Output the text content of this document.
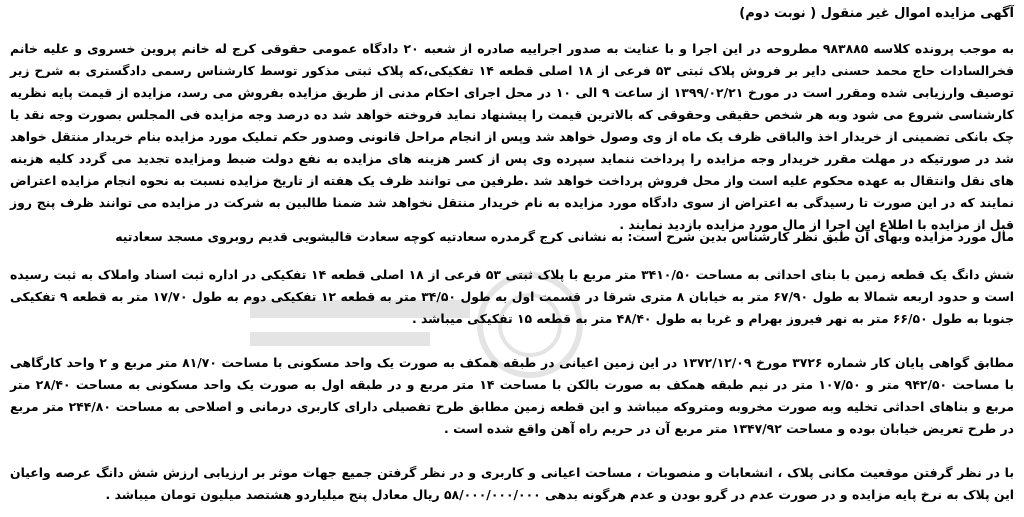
آگهی مزایده اموال غیر منقول ( نوبت دوم)
به موجب پرونده کلاسه ۹۸۳۸۸۵ مطروحه در این اجرا و با عنایت به صدور اجراییه صادره از شعبه ۲۰ دادگاه عمومی حقوقی کرج له خانم پروین خسروی و علیه خانم فخرالسادات حاج محمد حسنی دایر بر فروش پلاک ثبتی ۵۳ فرعی از ۱۸ اصلی قطعه ۱۴ تفکیکی،که پلاک ثبتی مذکور توسط کارشناس رسمی دادگستری به شرح زیر توصیف وارزیابی شده ومقرر است در مورخ ۱۳۹۹/۰۲/۲۱ از ساعت ۹ الی ۱۰ در محل اجرای احکام مدنی از طریق مزایده بفروش می رسد، مزایده از قیمت پایه نظریه کارشناسی شروع می شود وبه هر شخص حقیقی وحقوقی که بالاترین قیمت را پیشنهاد نماید فروخته خواهد شد ده درصد وجه مزایده فی المجلس بصورت وجه نقد یا چک بانکی تضمینی از خریدار اخذ والباقی ظرف یک ماه از وی وصول خواهد شد وپس از انجام مراحل قانونی وصدور حکم تملیک مورد مزایده بنام خریدار منتقل خواهد شد در صورتیکه در مهلت مقرر خریدار وجه مزایده را پرداخت ننماید سپرده وی پس از کسر هزینه های مزایده به نفع دولت ضبط ومزایده تجدید می گردد کلیه هزینه های نقل وانتقال به عهده محکوم علیه است واز محل فروش پرداخت خواهد شد .طرفین می توانند ظرف یک هفته از تاریخ مزایده نسبت به نحوه انجام مزایده اعتراض نمایند که در این صورت تا رسیدگی به اعتراض از سوی دادگاه مورد مزایده به نام خریدار منتقل نخواهد شد ضمنا طالبین به شرکت در مزایده می توانند ظرف پنج روز قبل از مزایده با اطلاع این اجرا از مال مورد مزایده بازدید نمایند .
مال مورد مزایده وبهای آن طبق نظر کارشناس بدین شرح است: به نشانی کرج گرمدره سعادتیه کوچه سعادت قالیشویی قدیم روبروی مسجد سعادتیه
شش دانگ یک قطعه زمین با بنای احداثی به مساحت ۳۴۱۰/۵۰ متر مربع با پلاک ثبتی ۵۳ فرعی از ۱۸ اصلی قطعه ۱۴ تفکیکی در اداره ثبت اسناد واملاک به ثبت رسیده است و حدود اربعه شمالا به طول ۶۷/۹۰ متر به خیابان ۸ متری شرقا در قسمت اول به طول ۳۴/۵۰ متر به قطعه ۱۲ تفکیکی دوم به طول ۱۷/۷۰ متر به قطعه ۹ تفکیکی جنوبا به طول ۶۶/۵۰ متر به نهر فیروز بهرام و غربا به طول ۴۸/۴۰ متر به قطعه ۱۵ تفکیکی میباشد .
مطابق گواهی پایان کار شماره ۳۷۲۶ مورخ ۱۳۷۲/۱۲/۰۹ در این زمین اعیانی در طبقه همکف به صورت یک واحد مسکونی با مساحت ۸۱/۷۰ متر مربع و ۲ واحد کارگاهی با مساحت ۹۴۲/۵۰ متر و ۱۰۷/۵۰ متر در نیم طبقه همکف به صورت بالکن با مساحت ۱۴ متر مربع و در طبقه اول به صورت یک واحد مسکونی به مساحت ۲۸/۴۰ متر مربع و بناهای احداثی تخلیه وبه صورت مخروبه ومتروکه میباشد و این قطعه زمین مطابق طرح تفصیلی دارای کاربری درمانی و اصلاحی به مساحت ۲۴۴/۸۰ متر مربع در طرح تعریض خیابان بوده و مساحت ۱۳۴۷/۹۲ متر مربع آن در حریم راه آهن واقع شده است .
با در نظر گرفتن موقعیت مکانی پلاک ، انشعابات و منصوبات ، مساحت اعیانی و کاربری و در نظر گرفتن جمیع جهات موثر بر ارزیابی ارزش شش دانگ عرصه واعیان این پلاک به نرخ پایه مزایده و در صورت عدم در گرو بودن و عدم هرگونه بدهی ۵۸/۰۰۰/۰۰۰/۰۰۰ ریال معادل پنج میلیاردو هشتصد میلیون تومان میباشد .
